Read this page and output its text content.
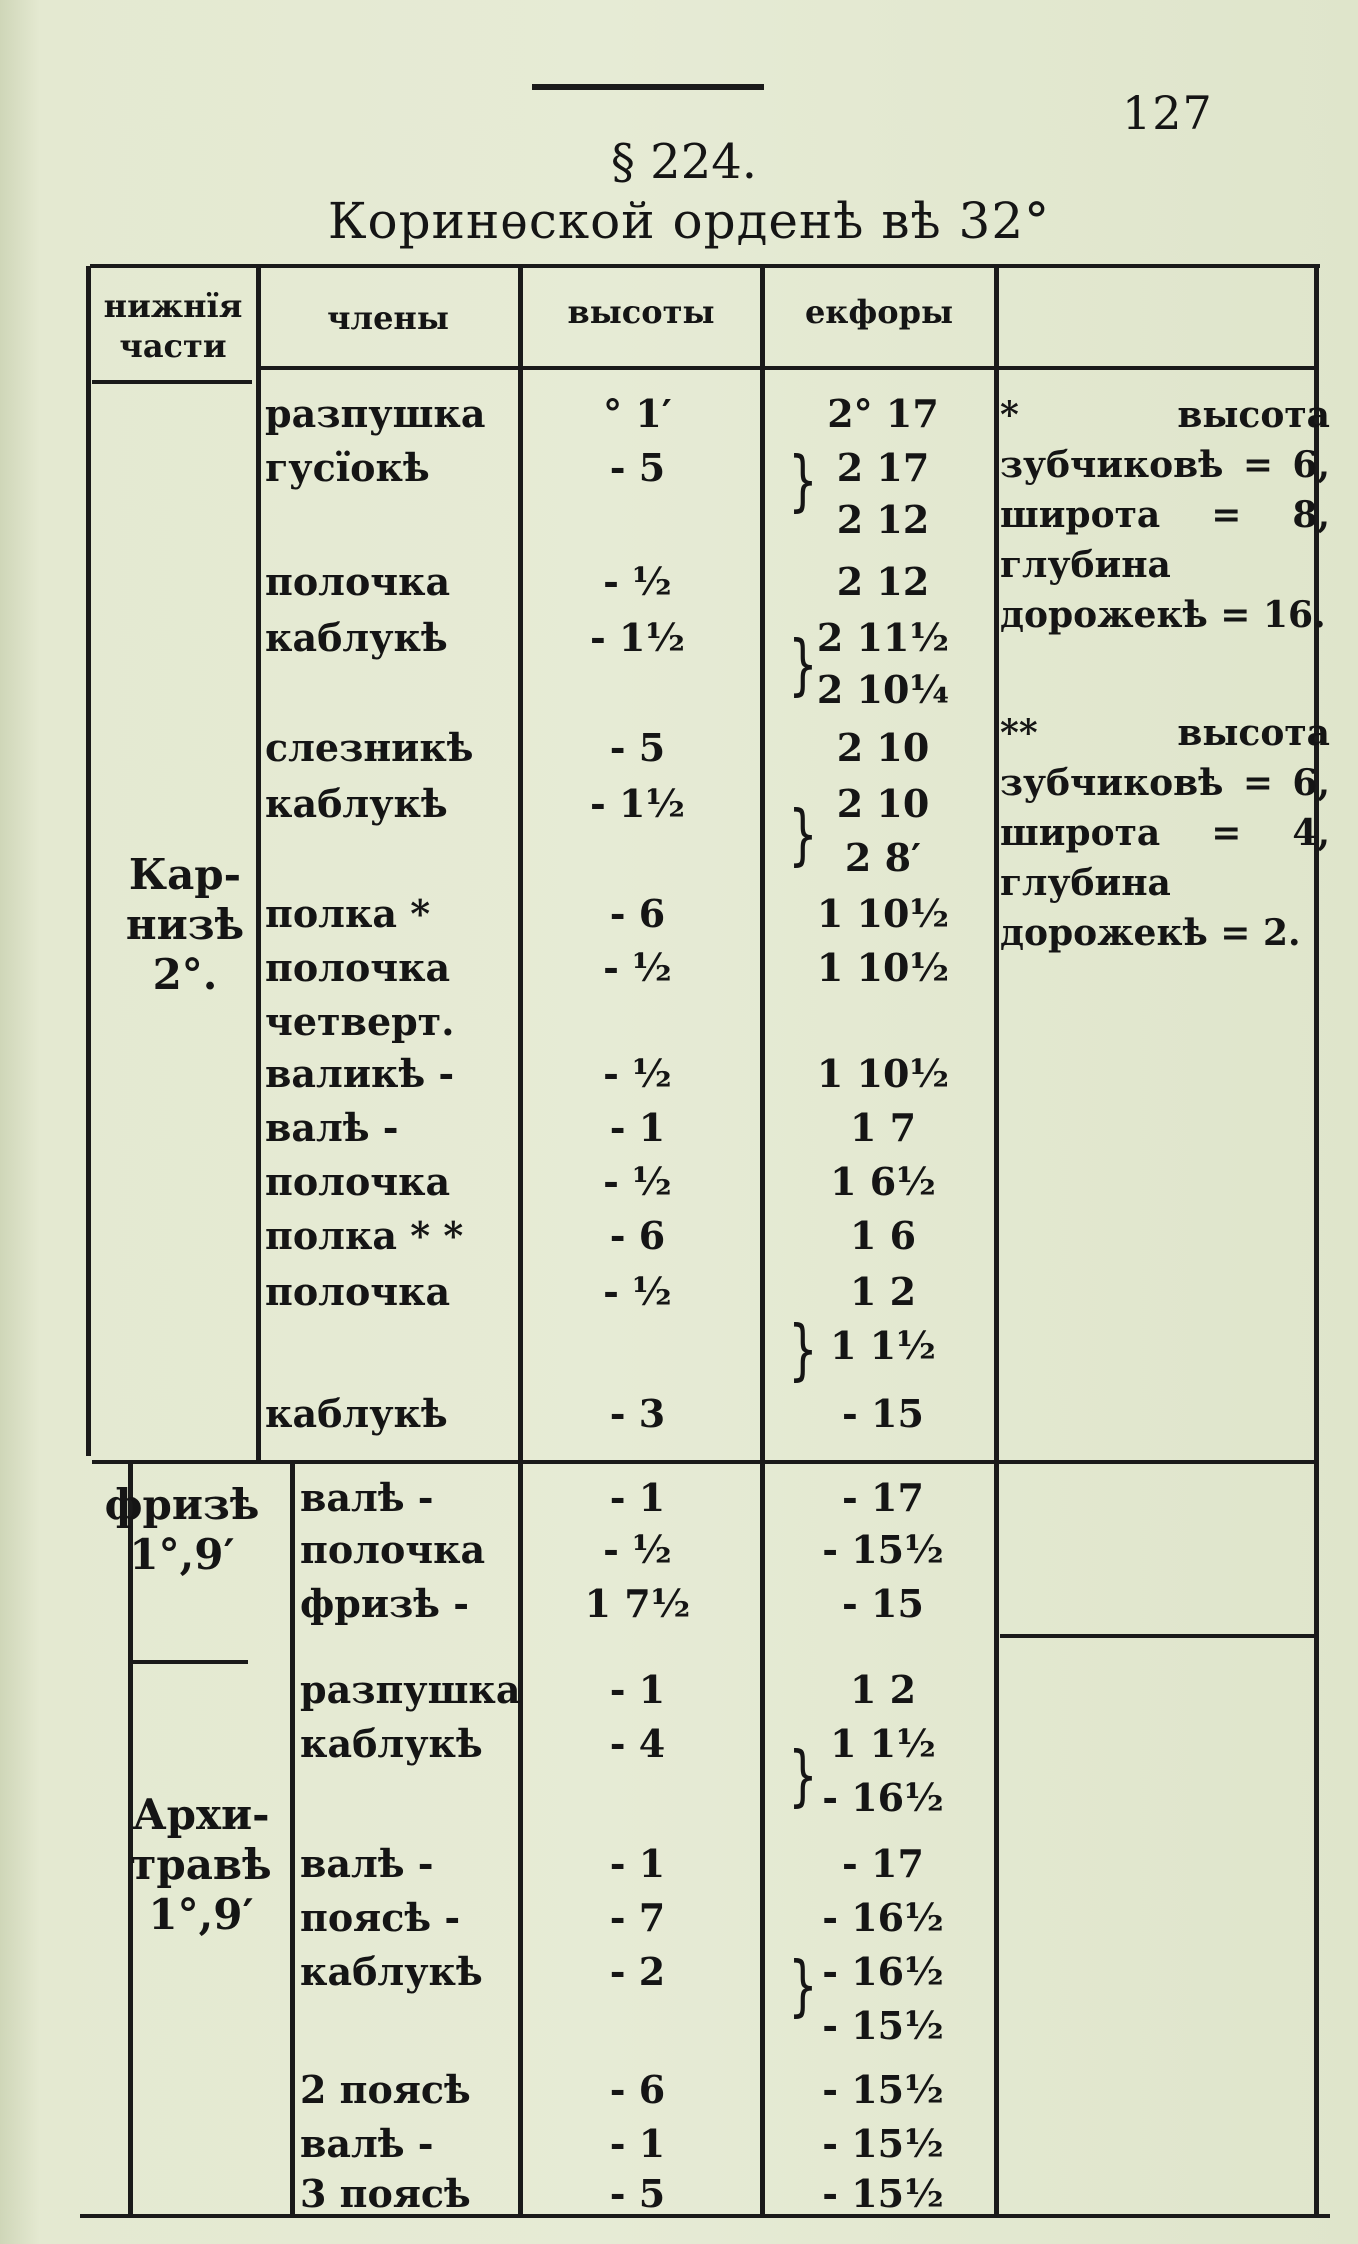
127
§ 224.
Коринѳской орденѣ вѣ 32°
нижнїя
части
члены	высоты	екфоры
Кар-
низѣ
2°.
фризѣ
1°,9′
Архи-
травѣ
1°,9′
}
}
}
}
}
}
разпушка	° 1′	2° 17
гусïокѣ	- 5	2 17
2 12
полочка	- ½	2 12
каблукѣ	- 1½	2 11½
2 10¼
слезникѣ	- 5	2 10
каблукѣ	- 1½	2 10
2 8′
полка *	- 6	1 10½
полочка	- ½	1 10½
четверт.
валикѣ -	- ½	1 10½
валѣ -	- 1	1 7
полочка	- ½	1 6½
полка * *	- 6	1 6
полочка	- ½	1 2
1 1½
каблукѣ	- 3	- 15
валѣ -	- 1	- 17
полочка	- ½	- 15½
фризѣ -	1 7½	- 15
разпушка	- 1	1 2
каблукѣ	- 4	1 1½
- 16½
валѣ -	- 1	- 17
поясѣ -	- 7	- 16½
каблукѣ	- 2	- 16½
- 15½
2 поясѣ	- 6	- 15½
валѣ -	- 1	- 15½
3 поясѣ	- 5	- 15½
* высота зубчиковѣ = 6, широта = 8, глубина дорожекѣ = 16.
** высота зубчиковѣ = 6, широта = 4, глубина дорожекѣ = 2.
